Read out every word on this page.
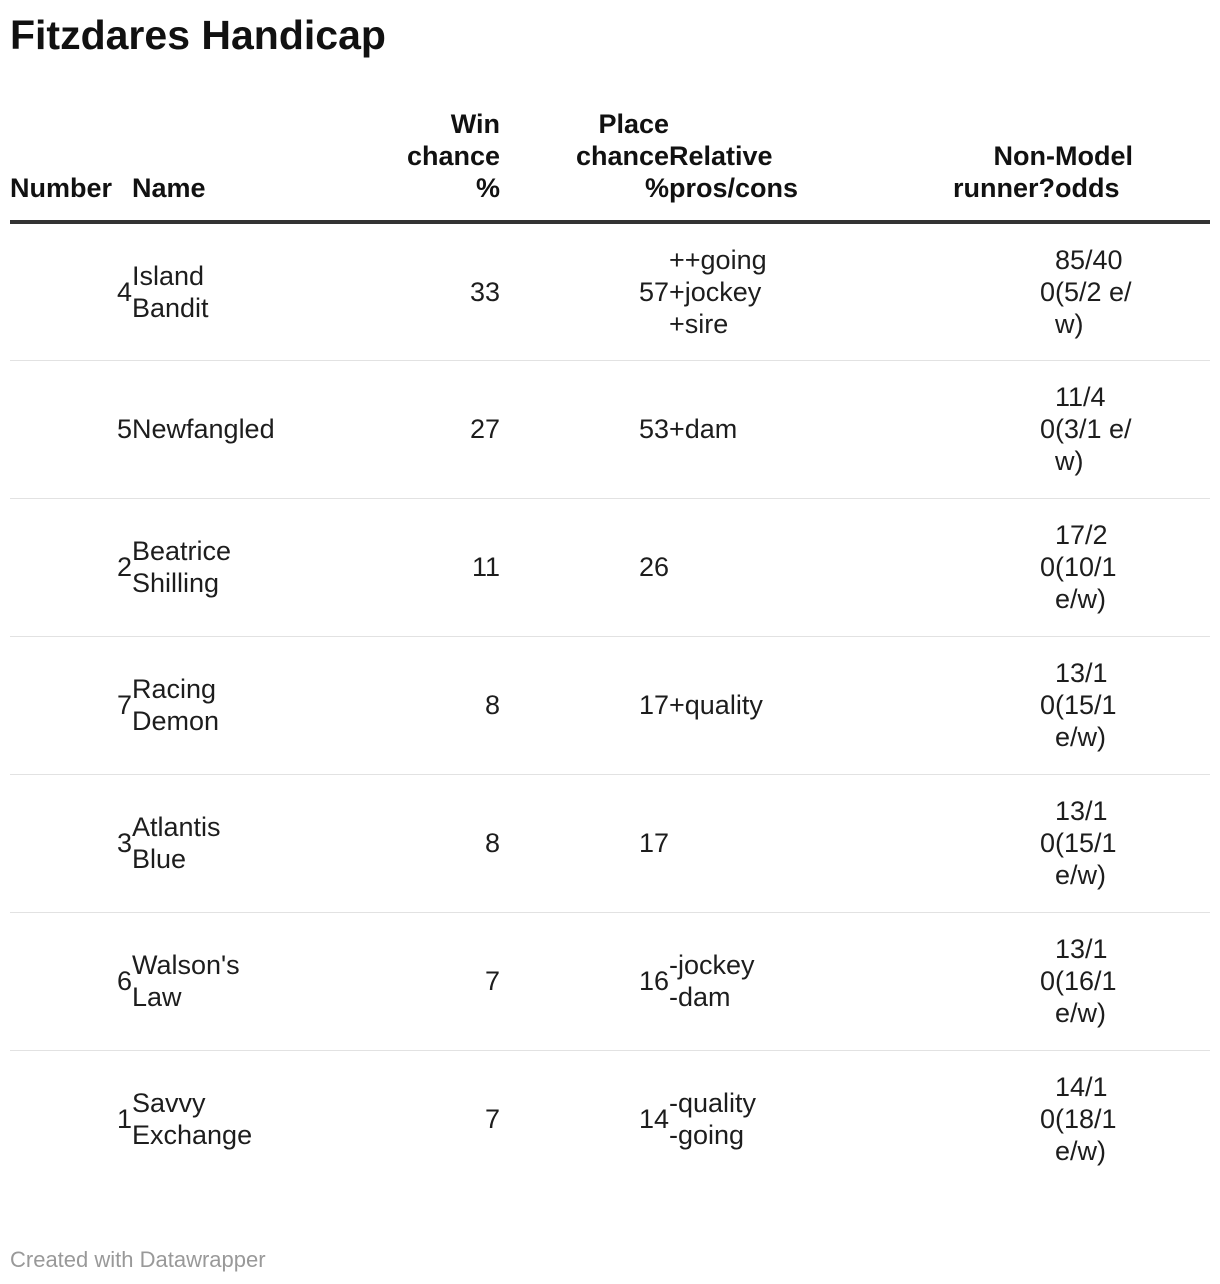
Fitzdares Handicap
Number	Name	Win chance %	Place chance %	Relative pros/cons	Non-runner?	Model odds
4	Island Bandit	33	57	++going
+jockey
+sire	0	85/40 (5/2 e/w)

5	Newfangled	27	53	+dam	0	11/4 (3/1 e/w)

2	Beatrice Shilling	11	26		0	17/2 (10/1 e/w)

7	Racing Demon	8	17	+quality	0	13/1 (15/1 e/w)

3	Atlantis Blue	8	17		0	13/1 (15/1 e/w)

6	Walson's Law	7	16	-jockey
-dam	0	13/1 (16/1 e/w)

1	Savvy Exchange	7	14	-quality
-going	0	14/1 (18/1 e/w)
Created with Datawrapper
